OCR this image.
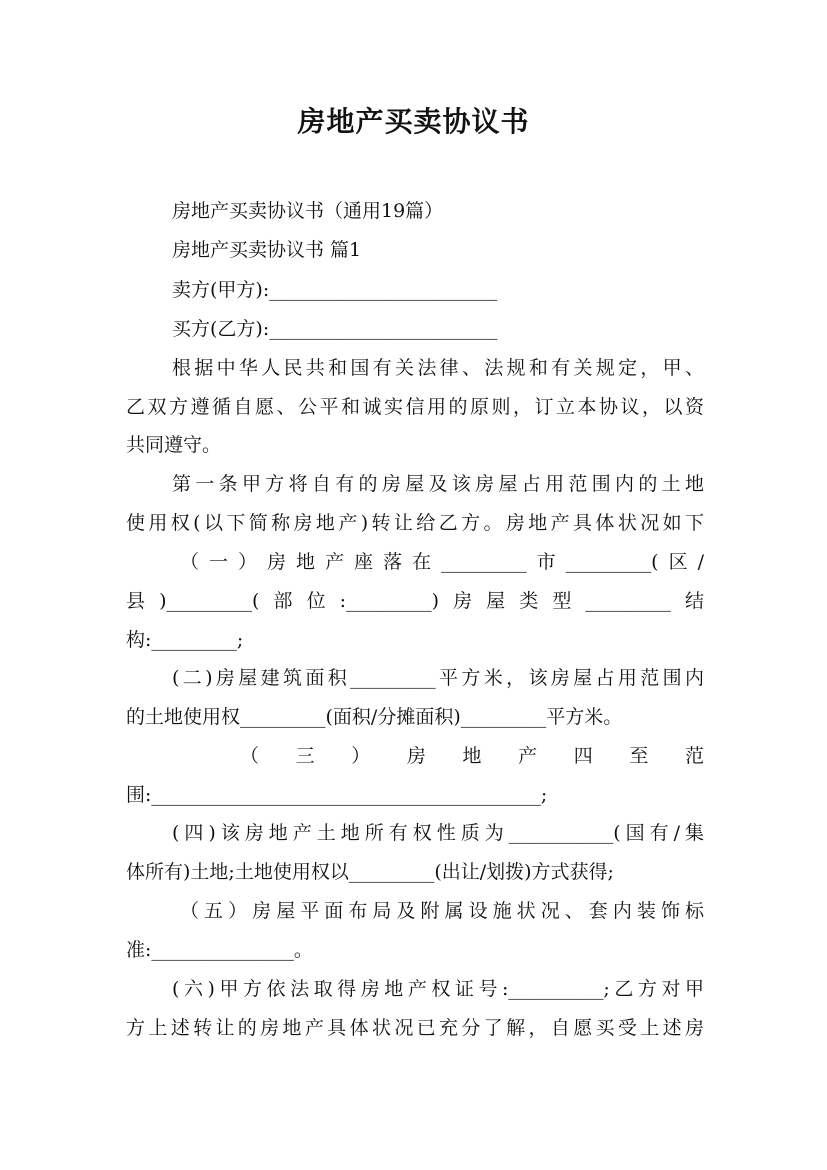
房地产买卖协议书
房地产买卖协议书（通用19篇）
房地产买卖协议书 篇1
卖方(甲方):________________________
买方(乙方):________________________
根据中华人民共和国有关法律、法规和有关规定，甲、
乙双方遵循自愿、公平和诚实信用的原则，订立本协议，以资
共同遵守。
第一条甲方将自有的房屋及该房屋占用范围内的土地
使用权(以下简称房地产)转让给乙方。房地产具体状况如下
（一）房地产座落在_________市_________(区/
县)_________(部位:_________)房屋类型_________结
构:_________;
(二)房屋建筑面积_________平方米，该房屋占用范围内
的土地使用权_________(面积/分摊面积)_________平方米。
（三）房地产四至范
围:_________________________________________;
(四)该房地产土地所有权性质为___________(国有/集
体所有)土地;土地使用权以_________(出让/划拨)方式获得;
（五）房屋平面布局及附属设施状况、套内装饰标
准:_______________。
(六)甲方依法取得房地产权证号:__________;乙方对甲
方上述转让的房地产具体状况已充分了解，自愿买受上述房
